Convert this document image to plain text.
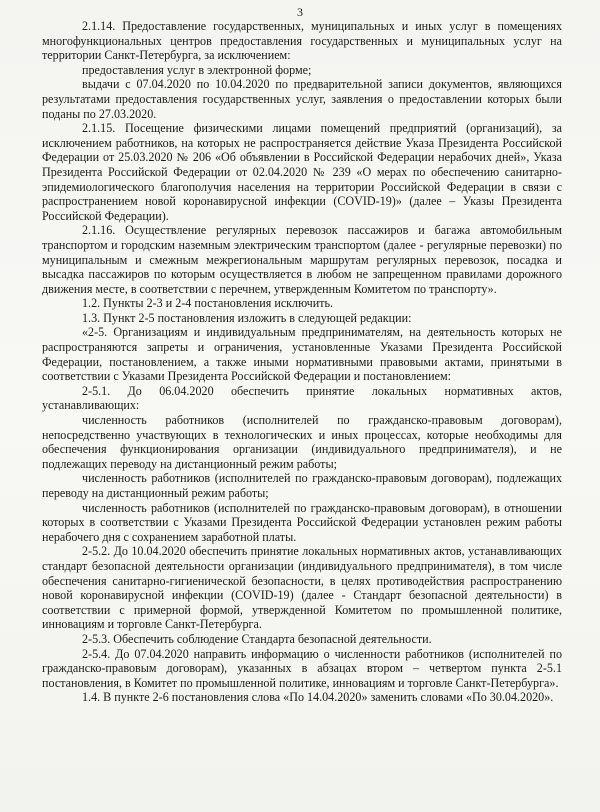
3

2.1.14. Предоставление государственных, муниципальных и иных услуг в помещениях многофункциональных центров предоставления государственных и муниципальных услуг на территории Санкт-Петербурга, за исключением:

предоставления услуг в электронной форме;

выдачи с 07.04.2020 по 10.04.2020 по предварительной записи документов, являющихся результатами предоставления государственных услуг, заявления о предоставлении которых были поданы по 27.03.2020.

2.1.15. Посещение физическими лицами помещений предприятий (организаций), за исключением работников, на которых не распространяется действие Указа Президента Российской Федерации от 25.03.2020 № 206 «Об объявлении в Российской Федерации нерабочих дней», Указа Президента Российской Федерации от 02.04.2020 № 239 «О мерах по обеспечению санитарно-эпидемиологического благополучия населения на территории Российской Федерации в связи с распространением новой коронавирусной инфекции (COVID-19)» (далее – Указы Президента Российской Федерации).

2.1.16. Осуществление регулярных перевозок пассажиров и багажа автомобильным транспортом и городским наземным электрическим транспортом (далее - регулярные перевозки) по муниципальным и смежным межрегиональным маршрутам регулярных перевозок, посадка и высадка пассажиров по которым осуществляется в любом не запрещенном правилами дорожного движения месте, в соответствии с перечнем, утвержденным Комитетом по транспорту».

1.2. Пункты 2-3 и 2-4 постановления исключить.

1.3. Пункт 2-5 постановления изложить в следующей редакции:

«2-5. Организациям и индивидуальным предпринимателям, на деятельность которых не распространяются запреты и ограничения, установленные Указами Президента Российской Федерации, постановлением, а также иными нормативными правовыми актами, принятыми в соответствии с Указами Президента Российской Федерации и постановлением:

2-5.1. До 06.04.2020 обеспечить принятие локальных нормативных актов, устанавливающих:

численность работников (исполнителей по гражданско-правовым договорам), непосредственно участвующих в технологических и иных процессах, которые необходимы для обеспечения функционирования организации (индивидуального предпринимателя), и не подлежащих переводу на дистанционный режим работы;

численность работников (исполнителей по гражданско-правовым договорам), подлежащих переводу на дистанционный режим работы;

численность работников (исполнителей по гражданско-правовым договорам), в отношении которых в соответствии с Указами Президента Российской Федерации установлен режим работы нерабочего дня с сохранением заработной платы.

2-5.2. До 10.04.2020 обеспечить принятие локальных нормативных актов, устанавливающих стандарт безопасной деятельности организации (индивидуального предпринимателя), в том числе обеспечения санитарно-гигиенической безопасности, в целях противодействия распространению новой коронавирусной инфекции (COVID-19) (далее - Стандарт безопасной деятельности) в соответствии с примерной формой, утвержденной Комитетом по промышленной политике, инновациям и торговле Санкт-Петербурга.

2-5.3. Обеспечить соблюдение Стандарта безопасной деятельности.

2-5.4. До 07.04.2020 направить информацию о численности работников (исполнителей по гражданско-правовым договорам), указанных в абзацах втором – четвертом пункта 2-5.1 постановления, в Комитет по промышленной политике, инновациям и торговле Санкт-Петербурга».

1.4. В пункте 2-6 постановления слова «По 14.04.2020» заменить словами «По 30.04.2020».
